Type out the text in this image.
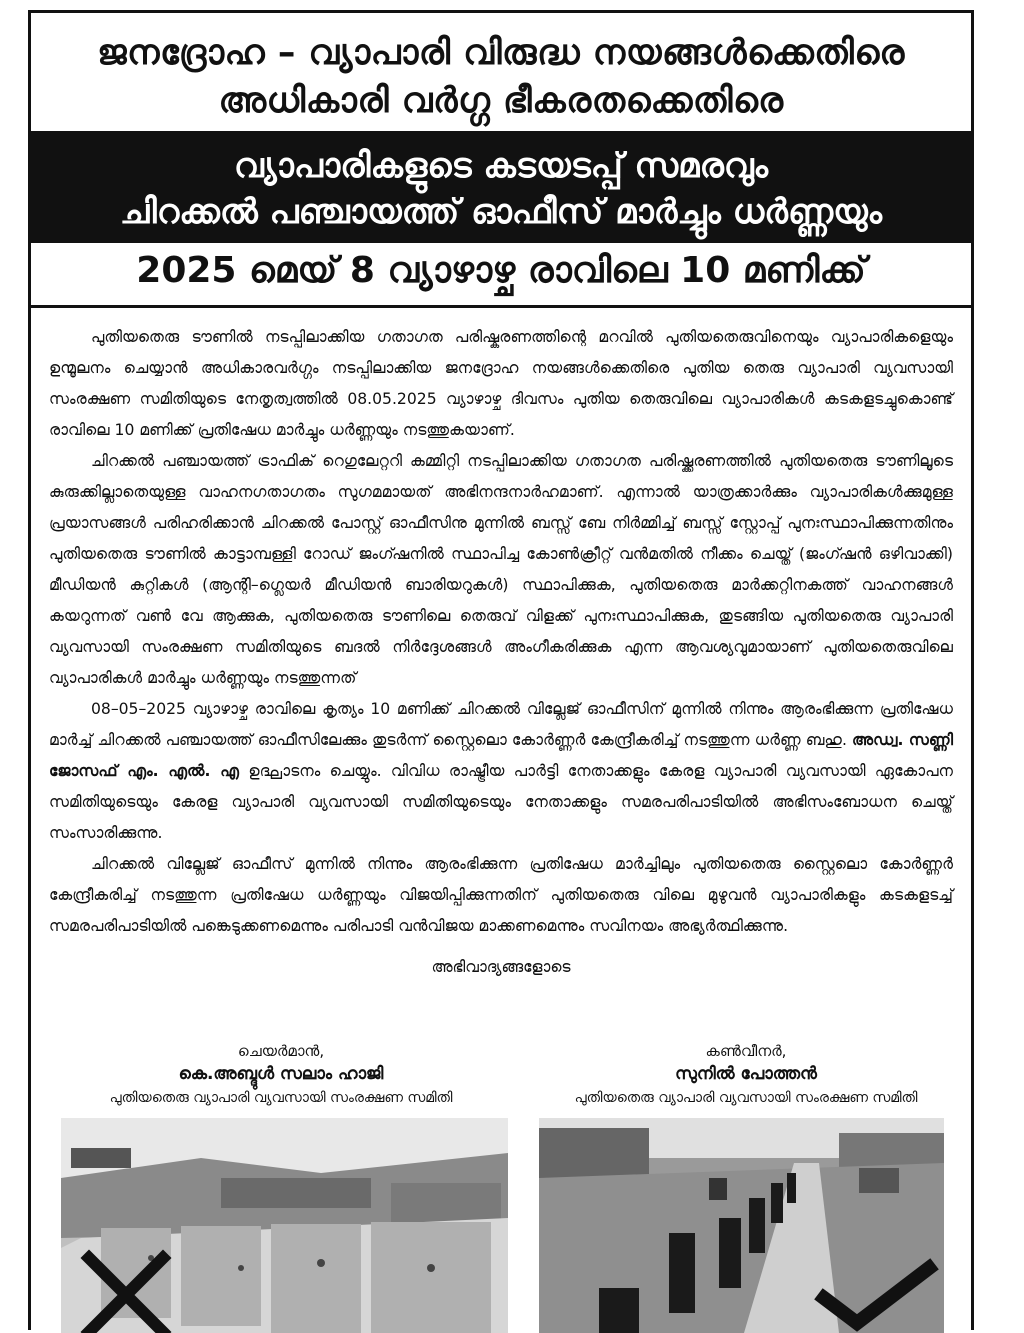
ജനദ്രോഹ – വ്യാപാരി വിരുദ്ധ നയങ്ങൾക്കെതിരെ
അധികാരി വർഗ്ഗ ഭീകരതക്കെതിരെ
വ്യാപാരികളുടെ കടയടപ്പ് സമരവും
ചിറക്കൽ പഞ്ചായത്ത് ഓഫീസ് മാർച്ചും ധർണ്ണയും
2025 മെയ് 8 വ്യാഴാഴ്ച രാവിലെ 10 മണിക്ക്

പുതിയതെരു ടൗണിൽ നടപ്പിലാക്കിയ ഗതാഗത പരിഷ്കരണത്തിന്റെ മറവിൽ പുതിയതെരുവിനെയും വ്യാപാരികളെയും ഉന്മൂലനം ചെയ്യാൻ അധികാരവർഗ്ഗം നടപ്പിലാക്കിയ ജനദ്രോഹ നയങ്ങൾക്കെതിരെ പുതിയ തെരു വ്യാപാരി വ്യവസായി സംരക്ഷണ സമിതിയുടെ നേതൃത്വത്തിൽ 08.05.2025 വ്യാഴാഴ്ച ദിവസം പുതിയ തെരുവിലെ വ്യാപാരികൾ കടകളടച്ചുകൊണ്ട് രാവിലെ 10 മണിക്ക് പ്രതിഷേധ മാർച്ചും ധർണ്ണയും നടത്തുകയാണ്.

ചിറക്കൽ പഞ്ചായത്ത് ട്രാഫിക് റെഗുലേറ്ററി കമ്മിറ്റി നടപ്പിലാക്കിയ ഗതാഗത പരിഷ്ക്കരണത്തിൽ പുതിയതെരു ടൗണിലൂടെ കുരുക്കില്ലാതെയുള്ള വാഹനഗതാഗതം സുഗമമായത് അഭിനന്ദനാർഹമാണ്. എന്നാൽ യാത്രക്കാർക്കും വ്യാപാരികൾക്കുമുള്ള പ്രയാസങ്ങൾ പരിഹരിക്കാൻ ചിറക്കൽ പോസ്റ്റ് ഓഫീസിനു മുന്നിൽ ബസ്സ് ബേ നിർമ്മിച്ച് ബസ്സ് സ്റ്റോപ്പ് പുനഃസ്ഥാപിക്കുന്നതിനും പുതിയതെരു ടൗണിൽ കാട്ടാമ്പള്ളി റോഡ് ജംഗ്ഷനിൽ സ്ഥാപിച്ച കോൺക്രീറ്റ് വൻമതിൽ നീക്കം ചെയ്ത് (ജംഗ്ഷൻ ഒഴിവാക്കി) മീഡിയൻ കുറ്റികൾ (ആന്റി–ഗ്ലെയർ മീഡിയൻ ബാരിയറുകൾ) സ്ഥാപിക്കുക, പുതിയതെരു മാർക്കറ്റിനകത്ത് വാഹനങ്ങൾ കയറുന്നത് വൺ വേ ആക്കുക, പുതിയതെരു ടൗണിലെ തെരുവ് വിളക്ക് പുനഃസ്ഥാപിക്കുക, തുടങ്ങിയ പുതിയതെരു വ്യാപാരി വ്യവസായി സംരക്ഷണ സമിതിയുടെ ബദൽ നിർദ്ദേശങ്ങൾ അംഗീകരിക്കുക എന്ന ആവശ്യവുമായാണ് പുതിയതെരുവിലെ വ്യാപാരികൾ മാർച്ചും ധർണ്ണയും നടത്തുന്നത്

08–05–2025 വ്യാഴാഴ്ച രാവിലെ കൃത്യം 10 മണിക്ക് ചിറക്കൽ വില്ലേജ് ഓഫീസിന് മുന്നിൽ നിന്നും ആരംഭിക്കുന്ന പ്രതിഷേധ മാർച്ച് ചിറക്കൽ പഞ്ചായത്ത് ഓഫീസിലേക്കും തുടർന്ന് സ്റ്റൈലൊ കോർണ്ണർ കേന്ദ്രീകരിച്ച് നടത്തുന്ന ധർണ്ണ ബഹു. അഡ്വ. സണ്ണി ജോസഫ് എം. എൽ. എ ഉദ്ഘാടനം ചെയ്യും. വിവിധ രാഷ്ട്രീയ പാർട്ടി നേതാക്കളും കേരള വ്യാപാരി വ്യവസായി ഏകോപന സമിതിയുടെയും കേരള വ്യാപാരി വ്യവസായി സമിതിയുടെയും നേതാക്കളും സമരപരിപാടിയിൽ അഭിസംബോധന ചെയ്ത് സംസാരിക്കുന്നു.

ചിറക്കൽ വില്ലേജ് ഓഫീസ് മുന്നിൽ നിന്നും ആരംഭിക്കുന്ന പ്രതിഷേധ മാർച്ചിലും പുതിയതെരു സ്റ്റൈലൊ കോർണ്ണർ കേന്ദ്രീകരിച്ച് നടത്തുന്ന പ്രതിഷേധ ധർണ്ണയും വിജയിപ്പിക്കുന്നതിന് പുതിയതെരു വിലെ മുഴുവൻ വ്യാപാരികളും കടകളടച്ച് സമരപരിപാടിയിൽ പങ്കെടുക്കണമെന്നും പരിപാടി വൻവിജയ മാക്കണമെന്നും സവിനയം അഭ്യർത്ഥിക്കുന്നു.

അഭിവാദ്യങ്ങളോടെ
ചെയർമാൻ,
കെ.അബ്ദുൾ സലാം ഹാജി
പുതിയതെരു വ്യാപാരി വ്യവസായി സംരക്ഷണ സമിതി
കൺവീനർ,
സുനിൽ പോത്തൻ
പുതിയതെരു വ്യാപാരി വ്യവസായി സംരക്ഷണ സമിതി
